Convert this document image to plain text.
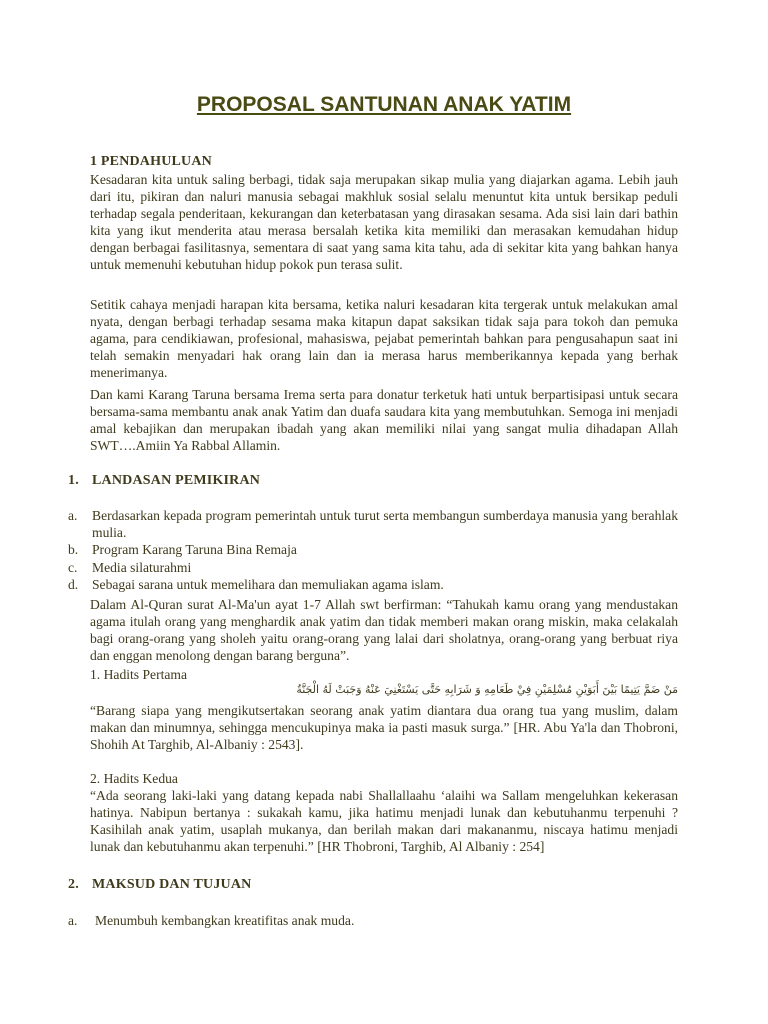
PROPOSAL SANTUNAN ANAK YATIM
1 PENDAHULUAN
Kesadaran kita untuk saling berbagi, tidak saja merupakan sikap mulia yang diajarkan agama. Lebih jauh dari itu, pikiran dan naluri manusia sebagai makhluk sosial selalu menuntut kita untuk bersikap peduli terhadap segala penderitaan, kekurangan dan keterbatasan yang dirasakan sesama. Ada sisi lain dari bathin kita yang ikut menderita atau merasa bersalah ketika kita memiliki dan merasakan kemudahan hidup dengan berbagai fasilitasnya, sementara di saat yang sama kita tahu, ada di sekitar kita yang bahkan hanya untuk memenuhi kebutuhan hidup pokok pun terasa sulit.
Setitik cahaya menjadi harapan kita bersama, ketika naluri kesadaran kita tergerak untuk melakukan amal nyata, dengan berbagi terhadap sesama maka kitapun dapat saksikan tidak saja para tokoh dan pemuka agama, para cendikiawan, profesional, mahasiswa, pejabat pemerintah bahkan para pengusahapun saat ini telah semakin menyadari hak orang lain dan ia merasa harus memberikannya kepada yang berhak menerimanya.
Dan kami Karang Taruna bersama Irema serta para donatur terketuk hati untuk berpartisipasi untuk secara bersama-sama membantu anak anak Yatim dan duafa saudara kita yang membutuhkan. Semoga ini menjadi amal kebajikan dan merupakan ibadah yang akan memiliki nilai yang sangat mulia dihadapan Allah SWT….Amiin Ya Rabbal Allamin.
1. LANDASAN PEMIKIRAN
a. Berdasarkan kepada program pemerintah untuk turut serta membangun sumberdaya manusia yang berahlak mulia.
b. Program Karang Taruna Bina Remaja
c. Media silaturahmi
d. Sebagai sarana untuk memelihara dan memuliakan agama islam.
Dalam Al-Quran surat Al-Ma'un ayat 1-7 Allah swt berfirman: “Tahukah kamu orang yang mendustakan agama itulah orang yang menghardik anak yatim dan tidak memberi makan orang miskin, maka celakalah bagi orang-orang yang sholeh yaitu orang-orang yang lalai dari sholatnya, orang-orang yang berbuat riya dan enggan menolong dengan barang berguna”.
1. Hadits Pertama
مَنْ ضَمَّ يَتِيمًا بَيْنَ أَبَوَيْنِ مُسْلِمَيْنِ فِيْ طَعَامِهِ وَ شَرَابِهِ حَتَّى يَسْتَغْنِيَ عَنْهُ وَجَبَتْ لَهُ الْجَنَّةُ
“Barang siapa yang mengikutsertakan seorang anak yatim diantara dua orang tua yang muslim, dalam makan dan minumnya, sehingga mencukupinya maka ia pasti masuk surga.” [HR. Abu Ya'la dan Thobroni, Shohih At Targhib, Al-Albaniy : 2543].
2. Hadits Kedua
“Ada seorang laki-laki yang datang kepada nabi Shallallaahu ‘alaihi wa Sallam mengeluhkan kekerasan hatinya. Nabipun bertanya : sukakah kamu, jika hatimu menjadi lunak dan kebutuhanmu terpenuhi ? Kasihilah anak yatim, usaplah mukanya, dan berilah makan dari makananmu, niscaya hatimu menjadi lunak dan kebutuhanmu akan terpenuhi.” [HR Thobroni, Targhib, Al Albaniy : 254]
2. MAKSUD DAN TUJUAN
a. Menumbuh kembangkan kreatifitas anak muda.
